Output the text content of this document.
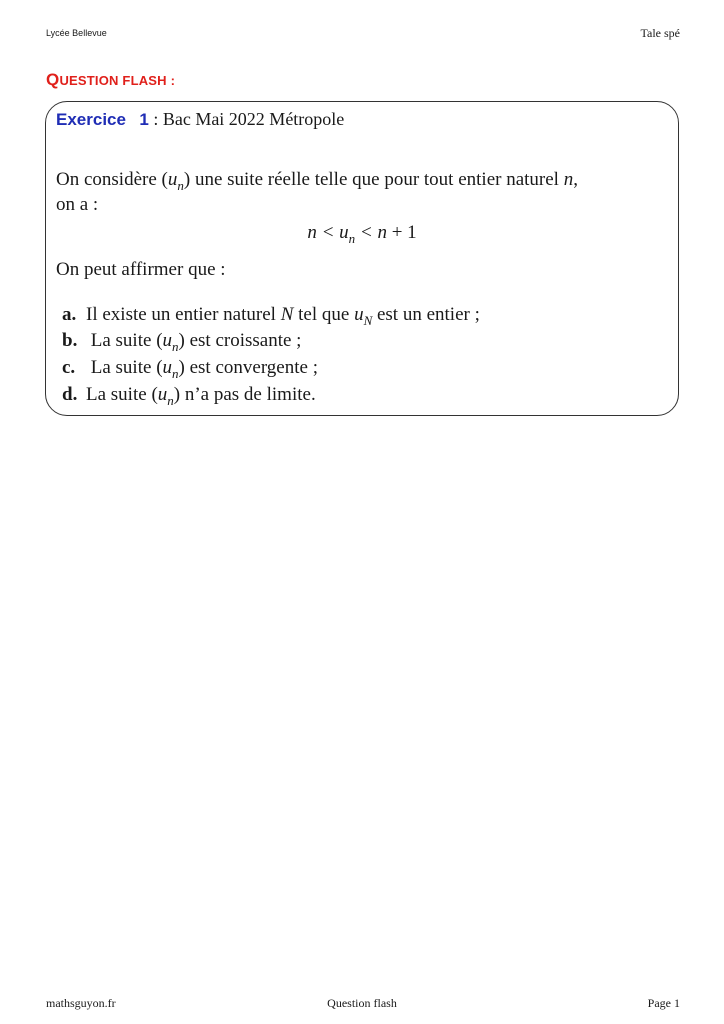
Lycée Bellevue	Tale spé
QUESTION FLASH :
Exercice 1 : Bac Mai 2022 Métropole
On considère $(u_n)$ une suite réelle telle que pour tout entier naturel n,
on a :
$n < u_n < n + 1$
On peut affirmer que :
a. Il existe un entier naturel N tel que $u_N$ est un entier ;
b. La suite $(u_n)$ est croissante ;
c. La suite $(u_n)$ est convergente ;
d. La suite $(u_n)$ n’a pas de limite.
mathsguyon.fr	Question flash	Page 1
